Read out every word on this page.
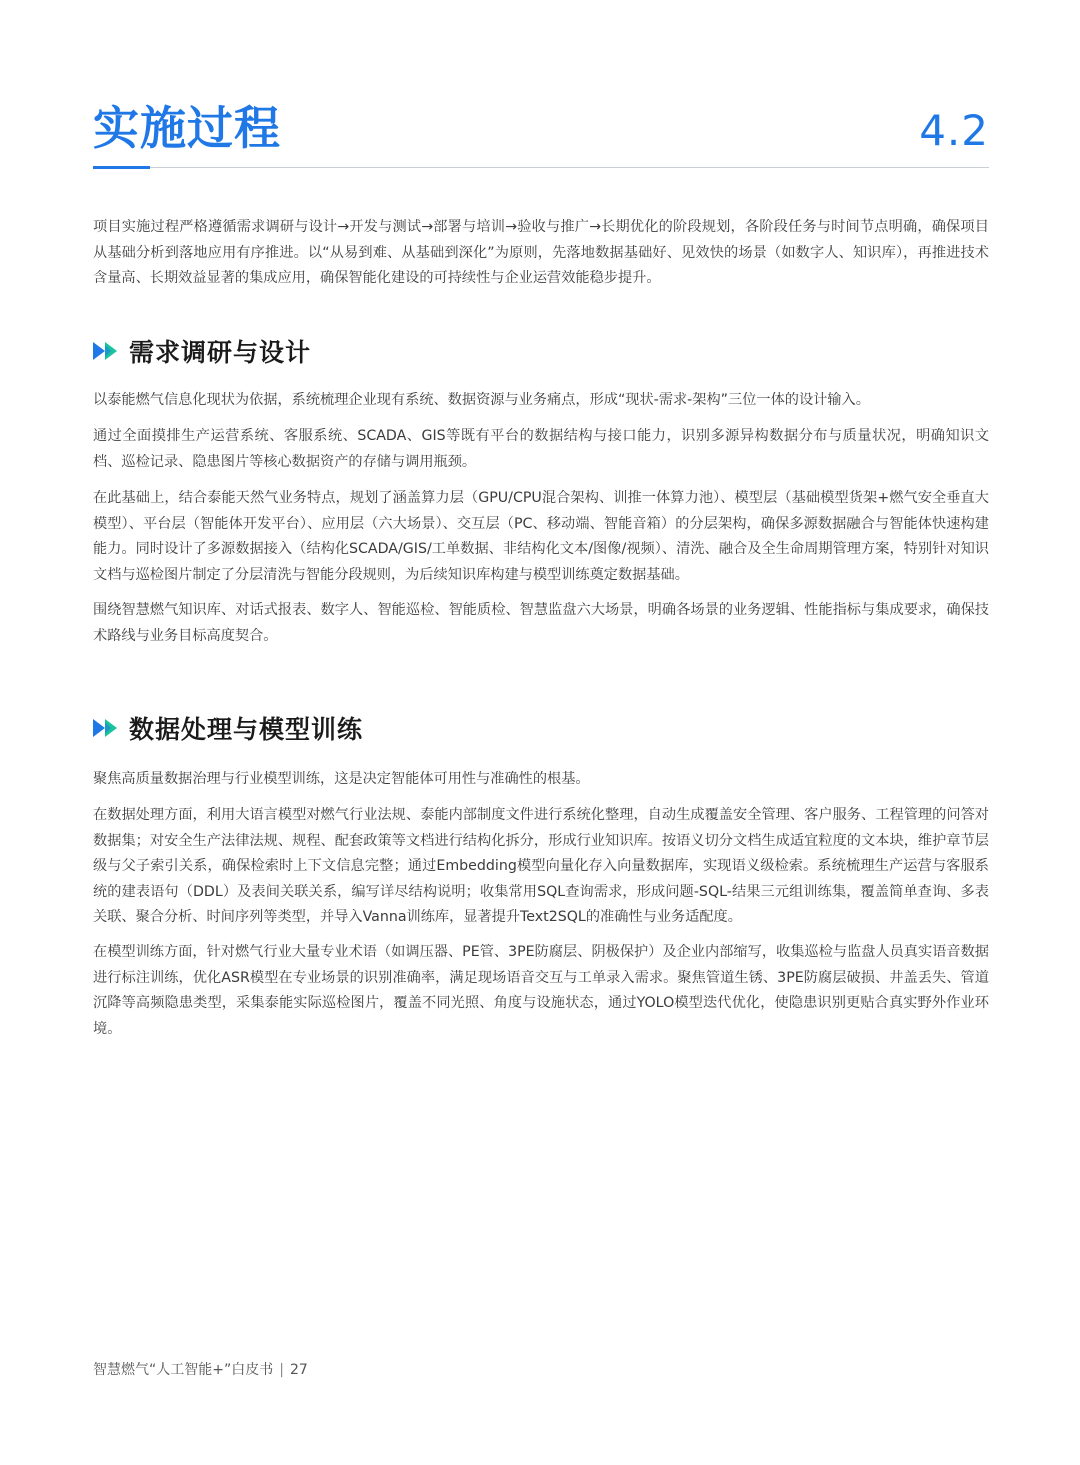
实施过程	4.2

项目实施过程严格遵循需求调研与设计→开发与测试→部署与培训→验收与推广→长期优化的阶段规划，各阶段任务与时间节点明确，确保项目从基础分析到落地应用有序推进。以“从易到难、从基础到深化”为原则，先落地数据基础好、见效快的场景（如数字人、知识库），再推进技术含量高、长期效益显著的集成应用，确保智能化建设的可持续性与企业运营效能稳步提升。

需求调研与设计

以泰能燃气信息化现状为依据，系统梳理企业现有系统、数据资源与业务痛点，形成“现状-需求-架构”三位一体的设计输入。

通过全面摸排生产运营系统、客服系统、SCADA、GIS等既有平台的数据结构与接口能力，识别多源异构数据分布与质量状况，明确知识文档、巡检记录、隐患图片等核心数据资产的存储与调用瓶颈。

在此基础上，结合泰能天然气业务特点，规划了涵盖算力层（GPU/CPU混合架构、训推一体算力池）、模型层（基础模型货架+燃气安全垂直大模型）、平台层（智能体开发平台）、应用层（六大场景）、交互层（PC、移动端、智能音箱）的分层架构，确保多源数据融合与智能体快速构建能力。同时设计了多源数据接入（结构化SCADA/GIS/工单数据、非结构化文本/图像/视频）、清洗、融合及全生命周期管理方案，特别针对知识文档与巡检图片制定了分层清洗与智能分段规则，为后续知识库构建与模型训练奠定数据基础。

围绕智慧燃气知识库、对话式报表、数字人、智能巡检、智能质检、智慧监盘六大场景，明确各场景的业务逻辑、性能指标与集成要求，确保技术路线与业务目标高度契合。

数据处理与模型训练

聚焦高质量数据治理与行业模型训练，这是决定智能体可用性与准确性的根基。

在数据处理方面，利用大语言模型对燃气行业法规、泰能内部制度文件进行系统化整理，自动生成覆盖安全管理、客户服务、工程管理的问答对数据集；对安全生产法律法规、规程、配套政策等文档进行结构化拆分，形成行业知识库。按语义切分文档生成适宜粒度的文本块，维护章节层级与父子索引关系，确保检索时上下文信息完整；通过Embedding模型向量化存入向量数据库，实现语义级检索。系统梳理生产运营与客服系统的建表语句（DDL）及表间关联关系，编写详尽结构说明；收集常用SQL查询需求，形成问题-SQL-结果三元组训练集，覆盖简单查询、多表关联、聚合分析、时间序列等类型，并导入Vanna训练库，显著提升Text2SQL的准确性与业务适配度。

在模型训练方面，针对燃气行业大量专业术语（如调压器、PE管、3PE防腐层、阴极保护）及企业内部缩写，收集巡检与监盘人员真实语音数据进行标注训练，优化ASR模型在专业场景的识别准确率，满足现场语音交互与工单录入需求。聚焦管道生锈、3PE防腐层破损、井盖丢失、管道沉降等高频隐患类型，采集泰能实际巡检图片，覆盖不同光照、角度与设施状态，通过YOLO模型迭代优化，使隐患识别更贴合真实野外作业环境。

智慧燃气“人工智能+”白皮书 | 27
